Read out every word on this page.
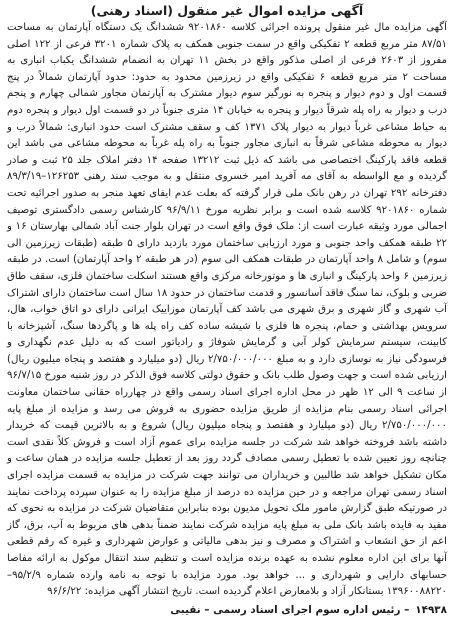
آگهی مزایده اموال غیر منقول (اسناد رهنی)

آگهی مزایده مال غیر منقول پرونده اجرائی کلاسه ۹۲۰۱۸۶۰ ششدانگ یک دستگاه آپارتمان به مساحت ۸۷/۵۱ متر مربع قطعه ۲ تفکیکی واقع در سمت جنوبی همکف به پلاک شماره ۳۲۰۱ فرعی از ۱۲۲ اصلی مفروز از ۲۶۰۳ فرعی از اصلی مذکور واقع در بخش ۱۱ تهران به انضمام ششدانگ یکباب انباری به مساحت ۲ متر مربع قطعه ۶ تفکیکی واقع در زیرزمین محدود به حدود: حدود آپارتمان شمالاً در پنج قسمت اول و دوم دیوار و پنجره به نورگیر سوم دیوار مشترک به آپارتمان مجاور شمالی چهارم و پنجم درب و دیوار به راه پله شرقاً دیوار و پنجره به خیابان ۱۴ متری جنوباً در دو قسمت اول دیوار و پنجره دوم به حیاط مشاعی غرباً دیوار به دیوار پلاک ۱۳۷۱ کف و سقف مشترک است حدود انباری: شمالاً درب و دیوار به محوطه مشاعی شرقاً به انباری مجاور جنوباً به راه پله غرباً به محوطه مشاعی می باشد این قطعه فاقد پارکینگ اختصاصی می باشد که ذیل ثبت ۱۳۲۱۲ صفحه ۱۴ دفتر املاک جلد ۲۵ ثبت و صادر گردیده و مع الواسطه به آقای مه آفرید امیر خسروی منتقل و به موجب سند رهنی ۱۲۶۲۵۳–۸۹/۳/۱۹ دفترخانه ۲۹۲ تهران در رهن بانک ملی قرار گرفته که بعلت عدم ایفای تعهد منجر به صدور اجرائیه تحت شماره ۹۲۰۱۸۶۰ کلاسه شده است و برابر نظریه مورخ ۹۶/۹/۱۱ کارشناس رسمی دادگستری توصیف اجمالی مورد وثیقه عبارت است از: ملک فوق واقع است در تهران بلوار جنت آباد شمالی بهارستان ۱۶ و ۲۲ طبقه همکف واحد جنوبی و مورد ارزیابی ساختمان مورد بازدید دارای ۵ طبقه (طبقات زیرزمین الی سوم) و شامل ۸ واحد آپارتمان در طبقات همکف الی سوم (در هر طبقه ۲ واحد آپارتمان) است. در طبقه زیرزمین ۶ واحد پارکینگ و انباری ها و موتورخانه مرکزی واقع هستند اسکلت ساختمان فلزی، سقف طاق ضربی و بلوک، نما سنگ فاقد آسانسور و قدمت ساختمان در حدود ۱۸ سال است ساختمان دارای اشتراک آب شهری و گاز شهری و برق شهری می باشد کف آپارتمان موزاییک ایرانی دارای دو اتاق خواب، هال، سرویس بهداشتی و حمام، پنجره ها فلزی با شیشه ساده کف راه پله ها و پاگردها سنگ، آشپزخانه با کابینت، سیستم سرمایش کولر آبی و گرمایش شوفاژ و رادیاتور است که به دلیل عدم نگهداری و فرسودگی نیاز به نوسازی دارد و به مبلغ ۲/۷۵۰/۰۰۰/۰۰۰ ریال (دو میلیارد و هفتصد و پنجاه میلیون ریال) ارزیابی شده است و جهت وصول طلب بانک و حقوق دولتی کلاسه فوق الذکر در روز شنبه مورخ ۹۶/۷/۱۵ از ساعت ۹ الی ۱۲ ظهر در محل اداره اجرای اسناد رسمی واقع در چهارراه حقانی ساختمان معاونت اجرائی اسناد رسمی بنام مزایده از طریق مزایده حضوری به فروش می رسد و مزایده از مبلغ پایه ۲/۷۵۰/۰۰۰/۰۰۰ ریال (دو میلیارد و هفتصد و پنجاه میلیون ریال) شروع و به بالاترین قیمت که خریدار داشته باشد فروخته خواهد شد شرکت در جلسه مزایده برای عموم آزاد است و فروش کلاً نقدی است چنانچه روز تعیین شده با تعطیل رسمی مصادف گردد روز بعد از تعطیل جلسه مزایده در همان ساعت و مکان تشکیل خواهد شد طالبین و خریداران می توانند جهت شرکت در مزایده به قسمت مزایده اجرای اسناد رسمی تهران مراجعه و در حین مزایده ده درصد از مبلغ مزایده را به عنوان سپرده پرداخت نمایند در صورتیکه طبق گزارش مامور ملک تحویل مدیون بوده بنابراین متقاضیان شرکت در مزایده به نحوی که مفید به فایده باشد بانک ملی به مبلغ پایه مزایده شرکت نمایند ضمناً بدهی های مربوط به آب، برق، گاز اعم از حق انشعاب و اشتراک و مصرف و نیز بدهی مالیاتی و عوارض شهرداری و غیره که رقم قطعی آنها برای این اداره معلوم نشده به عهده برنده مزایده است و تنظیم سند انتقال موکول به ارائه مفاصا حسابهای دارایی و شهرداری و ... خواهد بود. مورد مزایده با توجه به نامه وارده شماره ۹۵/۲/۹–۱۳۹۶۰۰۸۸۲۲۰ بستانکار آزاد و بلامعارض اعلام گردیده است. تاریخ انتشار آگهی مزایده: ۹۶/۶/۲۲

۱۴۹۳۸– رئیس اداره سوم اجرای اسناد رسمی – نقیبی
